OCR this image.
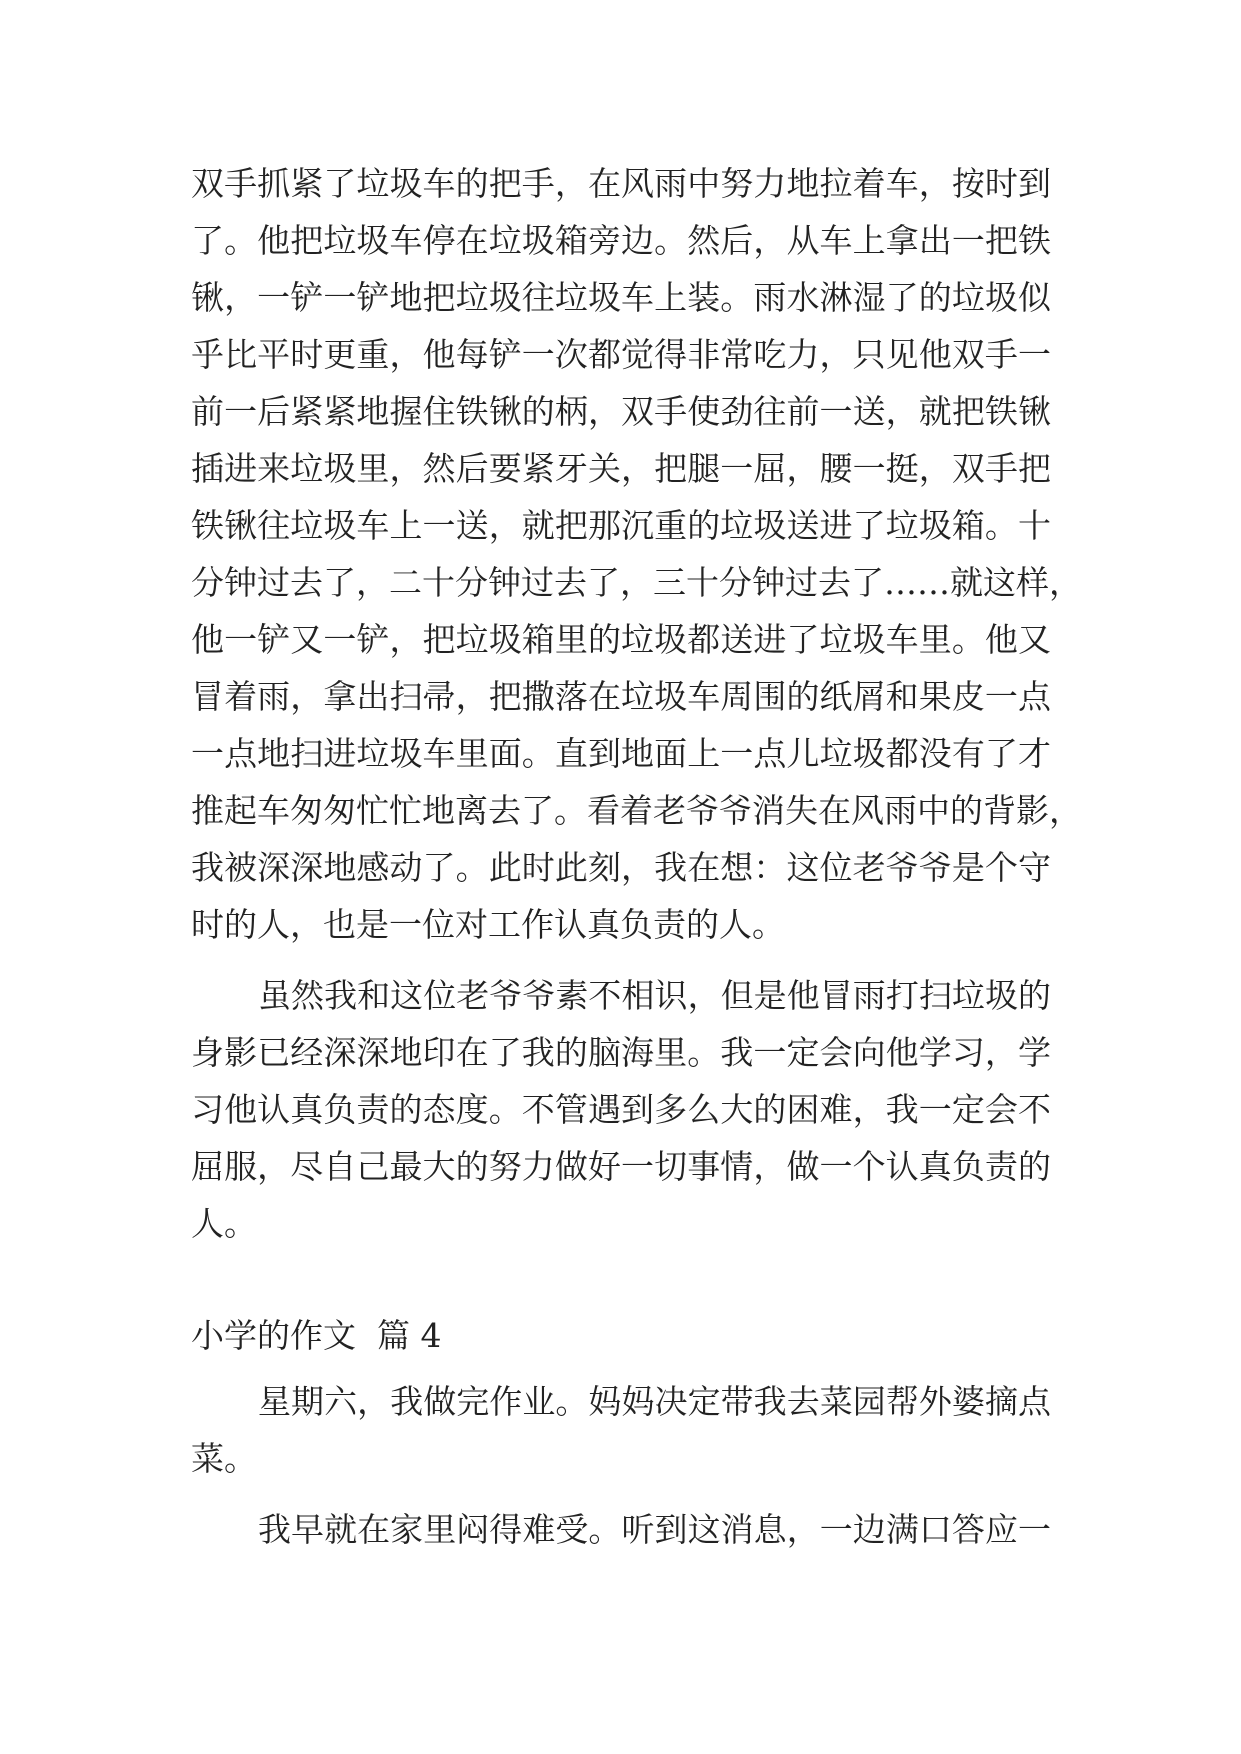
双手抓紧了垃圾车的把手，在风雨中努力地拉着车，按时到
了。他把垃圾车停在垃圾箱旁边。然后，从车上拿出一把铁
锹，一铲一铲地把垃圾往垃圾车上装。雨水淋湿了的垃圾似
乎比平时更重，他每铲一次都觉得非常吃力，只见他双手一
前一后紧紧地握住铁锹的柄，双手使劲往前一送，就把铁锹
插进来垃圾里，然后要紧牙关，把腿一屈，腰一挺，双手把
铁锹往垃圾车上一送，就把那沉重的垃圾送进了垃圾箱。十
分钟过去了，二十分钟过去了，三十分钟过去了……就这样，
他一铲又一铲，把垃圾箱里的垃圾都送进了垃圾车里。他又
冒着雨，拿出扫帚，把撒落在垃圾车周围的纸屑和果皮一点
一点地扫进垃圾车里面。直到地面上一点儿垃圾都没有了才
推起车匆匆忙忙地离去了。看着老爷爷消失在风雨中的背影，
我被深深地感动了。此时此刻，我在想：这位老爷爷是个守
时的人，也是一位对工作认真负责的人。
虽然我和这位老爷爷素不相识，但是他冒雨打扫垃圾的
身影已经深深地印在了我的脑海里。我一定会向他学习，学
习他认真负责的态度。不管遇到多么大的困难，我一定会不
屈服，尽自己最大的努力做好一切事情，做一个认真负责的
人。
小学的作文  篇 4
星期六，我做完作业。妈妈决定带我去菜园帮外婆摘点
菜。
我早就在家里闷得难受。听到这消息，一边满口答应一
